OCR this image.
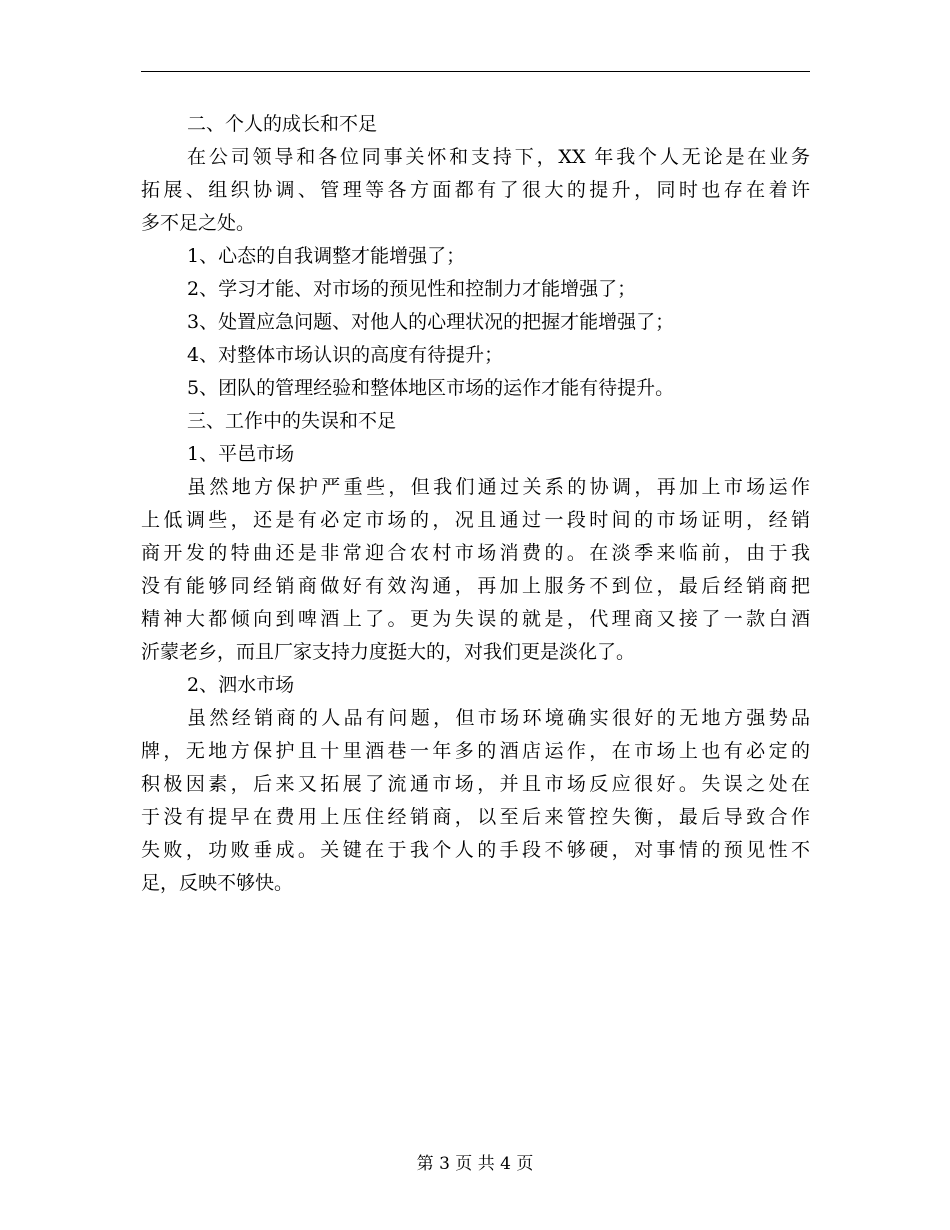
二、个人的成长和不足
在公司领导和各位同事关怀和支持下，XX 年我个人无论是在业务
拓展、组织协调、管理等各方面都有了很大的提升，同时也存在着许
多不足之处。
1、心态的自我调整才能增强了；
2、学习才能、对市场的预见性和控制力才能增强了；
3、处置应急问题、对他人的心理状况的把握才能增强了；
4、对整体市场认识的高度有待提升；
5、团队的管理经验和整体地区市场的运作才能有待提升。
三、工作中的失误和不足
1、平邑市场
虽然地方保护严重些，但我们通过关系的协调，再加上市场运作
上低调些，还是有必定市场的，况且通过一段时间的市场证明，经销
商开发的特曲还是非常迎合农村市场消费的。在淡季来临前，由于我
没有能够同经销商做好有效沟通，再加上服务不到位，最后经销商把
精神大都倾向到啤酒上了。更为失误的就是，代理商又接了一款白酒
沂蒙老乡，而且厂家支持力度挺大的，对我们更是淡化了。
2、泗水市场
虽然经销商的人品有问题，但市场环境确实很好的无地方强势品
牌，无地方保护且十里酒巷一年多的酒店运作，在市场上也有必定的
积极因素，后来又拓展了流通市场，并且市场反应很好。失误之处在
于没有提早在费用上压住经销商，以至后来管控失衡，最后导致合作
失败，功败垂成。关键在于我个人的手段不够硬，对事情的预见性不
足，反映不够快。
第 3 页 共 4 页
